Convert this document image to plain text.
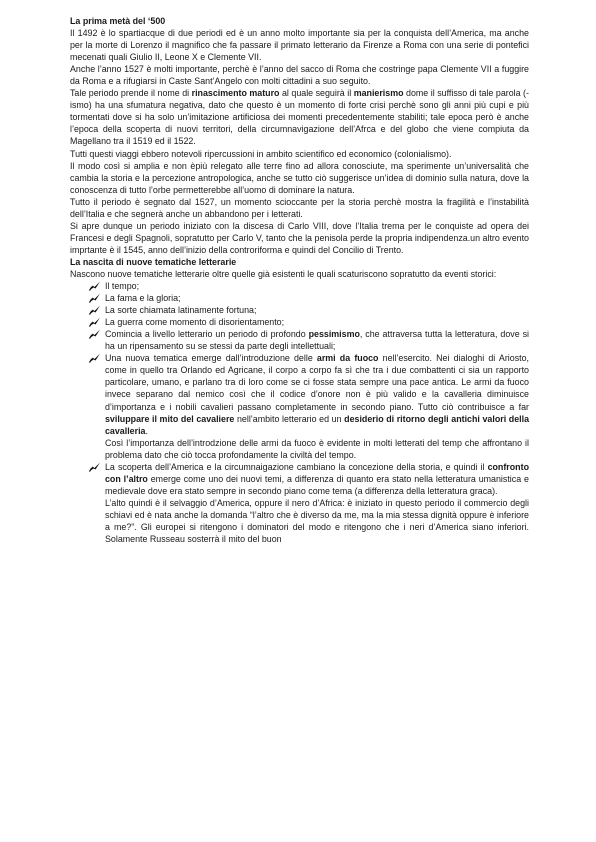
La prima metà del ‘500

Il 1492 è lo spartiacque di due periodi ed è un anno molto importante sia per la conquista dell’America, ma anche per la morte di Lorenzo il magnifico che fa passare il primato letterario da Firenze a Roma con una serie di pontefici mecenati quali Giulio II, Leone X e Clemente VII.

Anche l’anno 1527 è molti importante, perchè è l’anno del sacco di Roma che costringe papa Clemente VII a fuggire da Roma e a rifugiarsi in Caste Sant’Angelo con molti cittadini a suo seguito.

Tale periodo prende il nome di rinascimento maturo al quale seguirà il manierismo dome il suffisso di tale parola (-ismo) ha una sfumatura negativa, dato che questo è un momento di forte crisi perchè sono gli anni più cupi e più tormentati dove si ha solo un’imitazione artificiosa dei momenti precedentemente stabiliti; tale epoca però è anche l’epoca della scoperta di nuovi territori, della circumnavigazione dell’Afrca e del globo che viene compiuta da Magellano tra il 1519 ed il 1522.

Tutti questi viaggi ebbero notevoli ripercussioni in ambito scientifico ed economico (colonialismo).

Il modo così si amplia e non èpiù relegato alle terre fino ad allora conosciute, ma sperimente un’universalità che cambia la storia e la percezione antropologica, anche se tutto ciò suggerisce un’idea di dominio sulla natura, dove la conoscenza di tutto l’orbe permetterebbe all’uomo di dominare la natura.

Tutto il periodo è segnato dal 1527, un momento scioccante per la storia perchè mostra la fragilità e l’instabilità dell’Italia e che segnerà anche un abbandono per i letterati.

Si apre dunque un periodo iniziato con la discesa di Carlo VIII, dove l’Italia trema per le conquiste ad opera dei Francesi e degli Spagnoli, sopratutto per Carlo V, tanto che la penisola perde la propria indipendenza.un altro evento imprtante è il 1545, anno dell’inizio della controriforma e quindi del Concilio di Trento.

La nascita di nuove tematiche letterarie

Nascono nuove tematiche letterarie oltre quelle già esistenti le quali scaturiscono sopratutto da eventi storici:

Il tempo;
La fama e la gloria;
La sorte chiamata latinamente fortuna;
La guerra come momento di disorientamento;
Comincia a livello letterario un periodo di profondo pessimismo, che attraversa tutta la letteratura, dove si ha un ripensamento su se stessi da parte degli intellettuali;
Una nuova tematica emerge dall’introduzione delle armi da fuoco nell’esercito. Nei dialoghi di Ariosto, come in quello tra Orlando ed Agricane, il corpo a corpo fa sì che tra i due combattenti ci sia un rapporto particolare, umano, e parlano tra di loro come se ci fosse stata sempre una pace antica. Le armi da fuoco invece separano dal nemico così che il codice d’onore non è più valido e la cavalleria diminuisce d’importanza e i nobili cavalieri passano completamente in secondo piano. Tutto ciò contribuisce a far sviluppare il mito del cavaliere nell’ambito letterario ed un desiderio di ritorno degli antichi valori della cavalleria.
Così l’importanza dell’introdzione delle armi da fuoco è evidente in molti letterati del temp che affrontano il problema dato che ciò tocca profondamente la civiltà del tempo.
La scoperta dell’America e la circumnaigazione cambiano la concezione della storia, e quindi il confronto con l’altro emerge come uno dei nuovi temi, a differenza di quanto era stato nella letteratura umanistica e medievale dove era stato sempre in secondo piano come tema (a differenza della letteratura graca).
L’alto quindi è il selvaggio d’America, oppure il nero d’Africa: è iniziato in questo periodo il commercio degli schiavi ed è nata anche la domanda “l’altro che è diverso da me, ma la mia stessa dignità oppure è inferiore a me?”. Gli europei si ritengono i dominatori del modo e ritengono che i neri d’America siano inferiori. Solamente Russeau sosterrà il mito del buon
